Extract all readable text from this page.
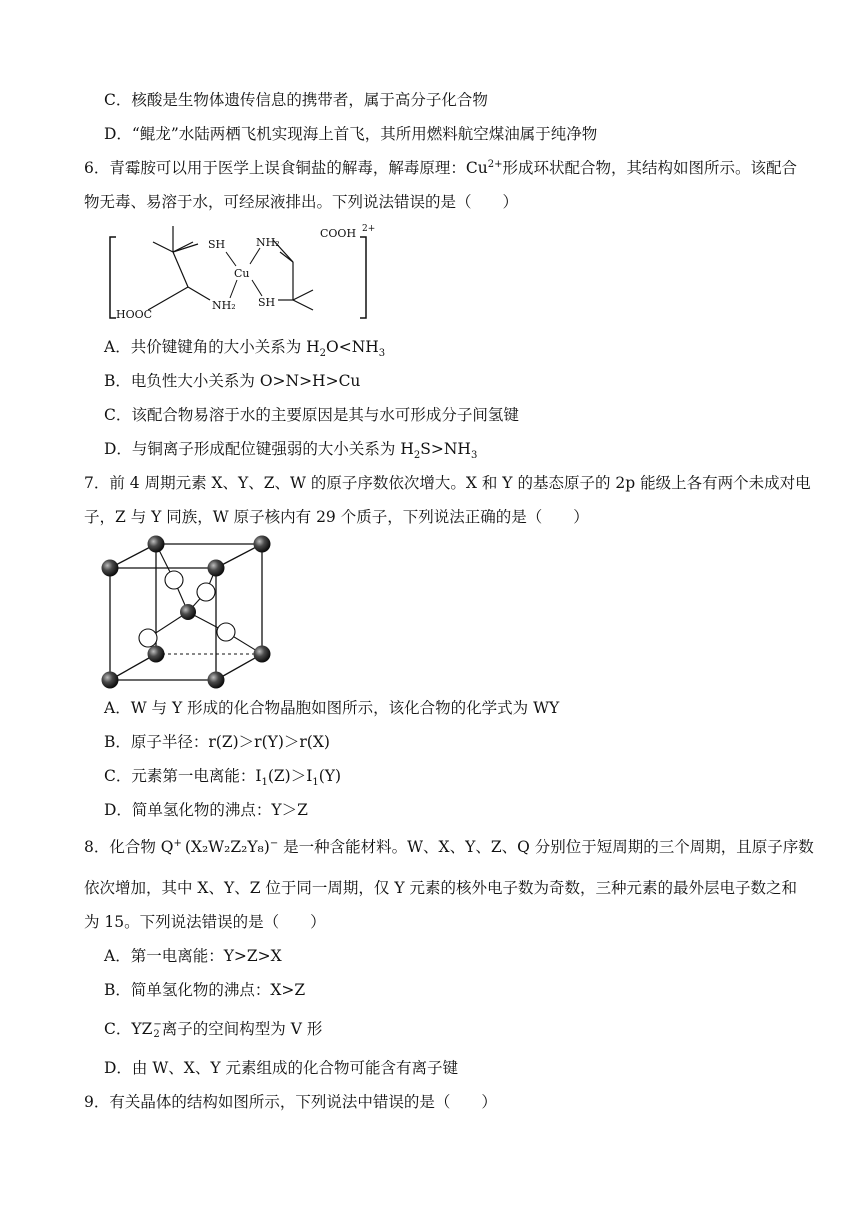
C．核酸是生物体遗传信息的携带者，属于高分子化合物
D．“鲲龙”水陆两栖飞机实现海上首飞，其所用燃料航空煤油属于纯净物
6．青霉胺可以用于医学上误食铜盐的解毒，解毒原理：$Cu^{2+}$形成环状配合物，其结构如图所示。该配合
物无毒、易溶于水，可经尿液排出。下列说法错误的是（　　）
SH	NH₂
COOH 2+
Cu
HOOC
NH₂ SH
A．共价键键角的大小关系为 $H_2O<NH_3$
B．电负性大小关系为 O>N>H>Cu
C．该配合物易溶于水的主要原因是其与水可形成分子间氢键
D．与铜离子形成配位键强弱的大小关系为 $H_2S>NH_3$
7．前 4 周期元素 X、Y、Z、W 的原子序数依次增大。X 和 Y 的基态原子的 2p 能级上各有两个未成对电
子，Z 与 Y 同族，W 原子核内有 29 个质子，下列说法正确的是（　　）
A．W 与 Y 形成的化合物晶胞如图所示，该化合物的化学式为 WY
B．原子半径：r(Z)＞r(Y)＞r(X)
C．元素第一电离能：$I_1(Z)>I_1(Y)$
D．简单氢化物的沸点：Y＞Z
8．化合物 Q+ (X₂W₂Z₂Y₈)− 是一种含能材料。W、X、Y、Z、Q 分别位于短周期的三个周期，且原子序数
依次增加，其中 X、Y、Z 位于同一周期，仅 Y 元素的核外电子数为奇数，三种元素的最外层电子数之和
为 15。下列说法错误的是（　　）
A．第一电离能：Y>Z>X
B．简单氢化物的沸点：X>Z
C．YZ −
2 离子的空间构型为 V 形
D．由 W、X、Y 元素组成的化合物可能含有离子键
9．有关晶体的结构如图所示，下列说法中错误的是（　　）
